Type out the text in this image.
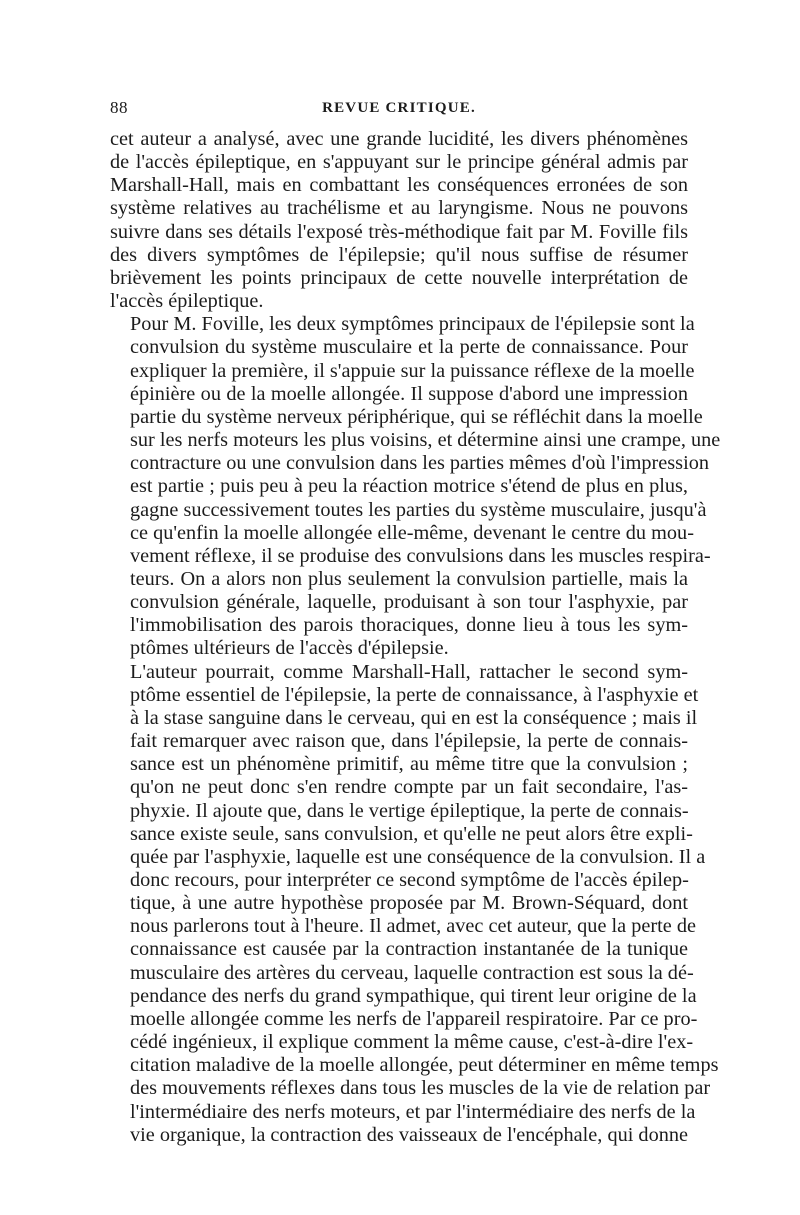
88	REVUE CRITIQUE.
cet auteur a analysé, avec une grande lucidité, les divers phénomènes
de l'accès épileptique, en s'appuyant sur le principe général admis par
Marshall-Hall, mais en combattant les conséquences erronées de son
système relatives au trachélisme et au laryngisme. Nous ne pouvons
suivre dans ses détails l'exposé très-méthodique fait par M. Foville fils
des divers symptômes de l'épilepsie; qu'il nous suffise de résumer
brièvement les points principaux de cette nouvelle interprétation de
l'accès épileptique.
Pour M. Foville, les deux symptômes principaux de l'épilepsie sont la
convulsion du système musculaire et la perte de connaissance. Pour
expliquer la première, il s'appuie sur la puissance réflexe de la moelle
épinière ou de la moelle allongée. Il suppose d'abord une impression
partie du système nerveux périphérique, qui se réfléchit dans la moelle
sur les nerfs moteurs les plus voisins, et détermine ainsi une crampe, une
contracture ou une convulsion dans les parties mêmes d'où l'impression
est partie ; puis peu à peu la réaction motrice s'étend de plus en plus,
gagne successivement toutes les parties du système musculaire, jusqu'à
ce qu'enfin la moelle allongée elle-même, devenant le centre du mou-
vement réflexe, il se produise des convulsions dans les muscles respira-
teurs. On a alors non plus seulement la convulsion partielle, mais la
convulsion générale, laquelle, produisant à son tour l'asphyxie, par
l'immobilisation des parois thoraciques, donne lieu à tous les sym-
ptômes ultérieurs de l'accès d'épilepsie.
L'auteur pourrait, comme Marshall-Hall, rattacher le second sym-
ptôme essentiel de l'épilepsie, la perte de connaissance, à l'asphyxie et
à la stase sanguine dans le cerveau, qui en est la conséquence ; mais il
fait remarquer avec raison que, dans l'épilepsie, la perte de connais-
sance est un phénomène primitif, au même titre que la convulsion ;
qu'on ne peut donc s'en rendre compte par un fait secondaire, l'as-
phyxie. Il ajoute que, dans le vertige épileptique, la perte de connais-
sance existe seule, sans convulsion, et qu'elle ne peut alors être expli-
quée par l'asphyxie, laquelle est une conséquence de la convulsion. Il a
donc recours, pour interpréter ce second symptôme de l'accès épilep-
tique, à une autre hypothèse proposée par M. Brown-Séquard, dont
nous parlerons tout à l'heure. Il admet, avec cet auteur, que la perte de
connaissance est causée par la contraction instantanée de la tunique
musculaire des artères du cerveau, laquelle contraction est sous la dé-
pendance des nerfs du grand sympathique, qui tirent leur origine de la
moelle allongée comme les nerfs de l'appareil respiratoire. Par ce pro-
cédé ingénieux, il explique comment la même cause, c'est-à-dire l'ex-
citation maladive de la moelle allongée, peut déterminer en même temps
des mouvements réflexes dans tous les muscles de la vie de relation par
l'intermédiaire des nerfs moteurs, et par l'intermédiaire des nerfs de la
vie organique, la contraction des vaisseaux de l'encéphale, qui donne
